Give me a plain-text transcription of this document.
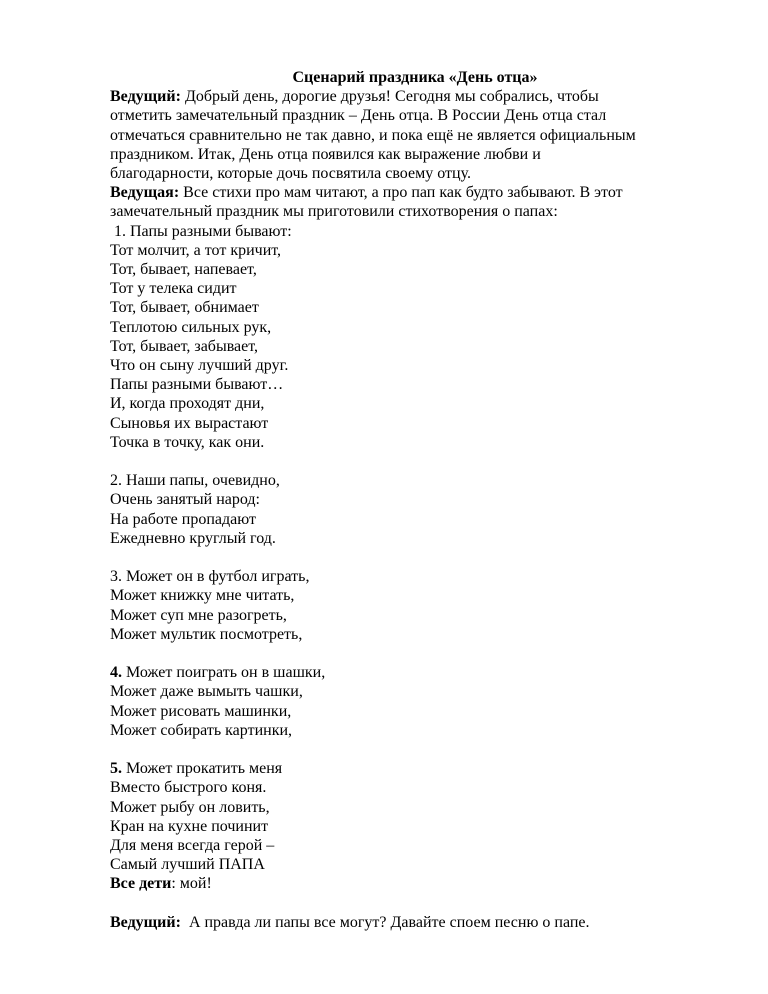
Сценарий праздника «День отца»
Ведущий: Добрый день, дорогие друзья! Сегодня мы собрались, чтобы
отметить замечательный праздник – День отца. В России День отца стал
отмечаться сравнительно не так давно, и пока ещё не является официальным
праздником. Итак, День отца появился как выражение любви и
благодарности, которые дочь посвятила своему отцу.
Ведущая: Все стихи про мам читают, а про пап как будто забывают. В этот
замечательный праздник мы приготовили стихотворения о папах:
1. Папы разными бывают:
Тот молчит, а тот кричит,
Тот, бывает, напевает,
Тот у телека сидит
Тот, бывает, обнимает
Теплотою сильных рук,
Тот, бывает, забывает,
Что он сыну лучший друг.
Папы разными бывают…
И, когда проходят дни,
Сыновья их вырастают
Точка в точку, как они.
2. Наши папы, очевидно,
Очень занятый народ:
На работе пропадают
Ежедневно круглый год.
3. Может он в футбол играть,
Может книжку мне читать,
Может суп мне разогреть,
Может мультик посмотреть,
4. Может поиграть он в шашки,
Может даже вымыть чашки,
Может рисовать машинки,
Может собирать картинки,
5. Может прокатить меня
Вместо быстрого коня.
Может рыбу он ловить,
Кран на кухне починит
Для меня всегда герой –
Самый лучший ПАПА
Все дети: мой!
Ведущий:  А правда ли папы все могут? Давайте споем песню о папе.
